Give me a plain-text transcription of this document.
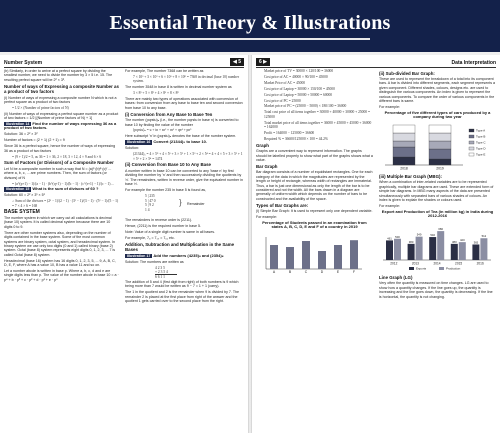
Essential Theory & Illustrations
Number System	◀ 5

(b) Similarly, in order to arrive at a perfect square by dividing the smallest number, we need to divide the number by 3 × 5 i.e. 15. The resulting perfect square will be 2² × 3².

Number of ways of Expressing a composite Number as a product of two factors

(i) Number of ways of expressing a composite number N which is not a perfect square as a product of two factors

= 1/2 × (Number of prime factors of N)

(ii) Number of ways of expressing a perfect square number as a product of two factors = 1/2 [(Number of prime factors of N) + 1]

Illustration 14 Find the number of ways expressing 36 as a product of two factors.

Solution: 36 = 2² × 3²

Number of factors = (2 + 1) (2 + 1) = 9

Since 36 is a perfect square, hence the number of ways of expressing 36 as a product of two factors

= (9 + 1)/2 = 5, as 36 = 1 × 36, 2 × 18, 3 × 12, 4 × 9 and 6 × 6

Sum of Factors (or Divisors) of a Composite Number

Let N be a composite number in such a way that N = (a)ᵖ (b)ᵠ (c)ʳ ... where a, b, c, ... are prime numbers. Then, the sum of factors (or divisors) of N

= (a^(p+1) − 1)/(a − 1) · (b^(q+1) − 1)/(b − 1) · (c^(r+1) − 1)/(c − 1) ...

Illustration 15 What is the sum of divisors of 60 ?

Solution: 60 = 2² × 3¹ × 5¹

∴ Sum of the divisors = (2³ − 1)/(2 − 1) · (3² − 1)/(3 − 1) · (5² − 1)/(5 − 1) = 7 × 4 × 6 = 168

BASE SYSTEM

The number system in which we carry out all calculations is decimal (base 10) system. It is called decimal system because there are 10 digits 0 to 9.

There are other number systems also, depending on the number of digits contained in the base system. Some of the most common systems are binary system, octal system, and hexadecimal system. In binary system we use only two digits (0 and 1) called binary (base 2) system. Octal (base 8) system represents eight digits 0, 1, 2, 3, ... 7 is called Octal (base 8) system.

Hexadecimal (base 16) system has 16 digits 0, 1, 2, 3, 5, ... 9, A, B, C, D, E, F, where A has a value 10, B has a value 11 and so on.

Let a number abcde is written in base p. Where a, b, c, d and e are single digits less than p. The value of the number abcde in base 10 = a · p⁴ + b · p³ + c · p² + d · p¹ + e · p⁰

For example, The number 7368 can be written as

7 × 10³ + 3 × 10² + 6 × 10¹ + 8 × 10⁰ = 7368 in decimal (base 10) number system.

The number 3548 in base 8 is written in decimal number system as

3 × 8³ + 5 × 8² + 4 × 8¹ + 8 × 8⁰

There are mainly two types of operations associated with conversion of bases: from conversion from any base to base ten and second conversion from base 10 to any base.

(i) Conversion from Any Base to Base Ten

The number (pqrstu)ₙ (i.e., the number pqrstu in base n) is converted to base 10 by finding the value of the number

(pqrstu)ₙ = u + tn + sn² + rn³ + qn⁴ + pn⁵

Here subscript 'n' in (pqrstu)ₙ denotes the base of the number system.

Illustration 16 Convert (21344)₅ to base 10.

Solution:

(21344)₅ = 4 × 5⁰ + 4 × 5¹ + 3 × 5² + 1 × 5³ + 2 × 5⁴ = 4 + 4 × 5 + 3 × 5² + 1 × 5³ + 2 × 5⁴ = 1474

(ii) Conversion from Base 10 to Any Base

A number written in base 10 can be converted to any 'base n' by first dividing the number by 'n' and then successively dividing the quotients by 'n'. The remainders, written in reverse order, give the equivalent number in base 'n'.

For example the number 235 in base 5 is found as,

5 | 235
5 | 47 0
5 | 9 2
1 4
} Remainder

The remainders in reverse order is (2211).

Hence, (2211) is the required number in base 5.

Note: Value of a single digit number is same in all bases.

For example, 7₈ = 7₁₀ = 7₁₅ etc.

Addition, Subtraction and Multiplication in the Same Bases

Illustration 17 Add the numbers (4235)₈ and (2354)₈

Solution: The numbers are written as

4 2 3 5
+ 2 3 5 4
6 6 1 1

The addition of 5 and 4 (first digit from right) of both numbers is 9 which being more than 7 would be written as 9 − 7 = 1 + 1 (carry).

The 1 in the quotient and 2 is the remainder when 9 is divided by 7. The remainder 2 is placed at the first place from right of the answer and the quotient 1 gets carried over to the second place from the right.

6 ▶	Data Interpretation

Market price of TV = 30000 × 120/100 = 36000

Cost price of AC = 40000 × 90/100 = 45000

Market Price of AC = 45000

Cost price of Laptop = 30000 × 150/100 = 45000

Cost price of Laptop = 50000 + 50000 = 60000

Cost price of PC = 25000

Market price of PC = (25000 − 5000) × 180/100 = 36000

Total cost price of all items together = 30000 + 40000 + 30000 + 25000 = 125000

Total market price of all items together = 36000 + 45000 + 45000 + 36000 = 162000

Profit = 164000 − 125000 = 36600

Required % = 36600/125000 × 100 = 44.2%

Graph

Graphs are a convenient way to represent information. The graphs should be labelled properly to show what part of the graphs shows what a value.

Bar Graph

Bar diagram consists of a number of equidistant rectangles. One for each category of the data in which the magnitudes are represented by the length or height of rectangle, whereas width of rectangles are immaterial. Thus, a bar is just one dimensional as only the length of the bar is to be considered and not the width. All the bars drawn in a diagram are generally of uniform width which depends on the number of bars to be constructed and the availability of the space.

Types of Bar Graphs are:

(i) Simple Bar Graph: It is used to represent only one dependent variable.

For example:

Percentage of Students passed in an examination from states A, B, C, D, E and F of a country in 2019

A	B	C	D	E	F
(ii) Sub-divided Bar Graph:

These are used to represent the breakdown of a total into its component bars. A bar is divided into different segments, each segment represents a given component. Different shades, colours, designs etc. are used to distinguish the various components. An index is given to represent the various components. To compare the order of various components in the different bars is same.

For example:

Percentage of five different types of cars produced by a company during two year

2018	2019
Type A
Type B
Type C
Type D
Type E
(iii) Multiple Bar Graph (MBG):

When a combination of inter-related variables are to be represented graphically, multiple bar diagrams are used. These are extended form of simple bar diagrams. In MBG many aspects of the data are presented simultaneously with separated bars of various shades of colours. An index is given to explain the shades or colours used.

For example:

Export and Production of Tea (in million kg) in India during 2012-2016

461 500
2012
380
549
2013
540
680
2014
380 420
2015
365
512
2016
Exports	Production
Line Graph (LG)

Very often the quantity is measured on time changes. LG are used to show how a quantity changes. If the line goes up, the quantity is increasing and the line goes down, the quantity is decreasing. If the line is horizontal, the quantity is not changing.
